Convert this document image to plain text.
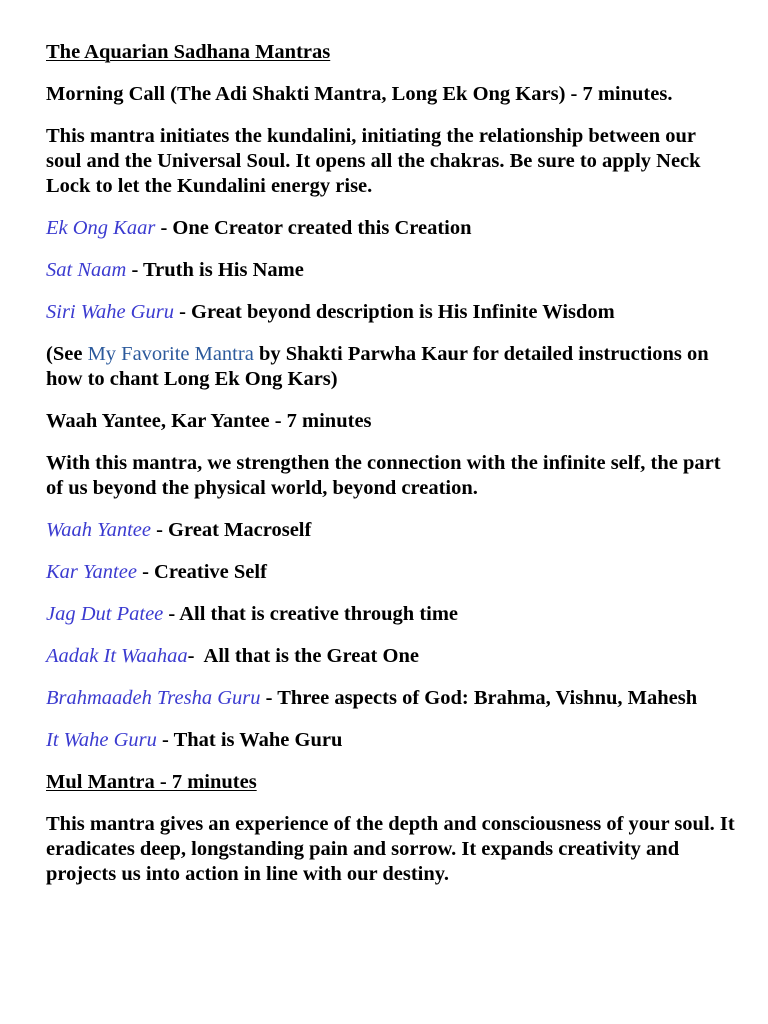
The Aquarian Sadhana Mantras

Morning Call (The Adi Shakti Mantra, Long Ek Ong Kars) - 7 minutes.

This mantra initiates the kundalini, initiating the relationship between our soul and the Universal Soul. It opens all the chakras. Be sure to apply Neck Lock to let the Kundalini energy rise.

Ek Ong Kaar - One Creator created this Creation

Sat Naam - Truth is His Name

Siri Wahe Guru - Great beyond description is His Infinite Wisdom

(See My Favorite Mantra by Shakti Parwha Kaur for detailed instructions on how to chant Long Ek Ong Kars)

Waah Yantee, Kar Yantee - 7 minutes

With this mantra, we strengthen the connection with the infinite self, the part of us beyond the physical world, beyond creation.

Waah Yantee - Great Macroself

Kar Yantee - Creative Self

Jag Dut Patee - All that is creative through time

Aadak It Waahaa-  All that is the Great One

Brahmaadeh Tresha Guru - Three aspects of God: Brahma, Vishnu, Mahesh

It Wahe Guru - That is Wahe Guru

Mul Mantra - 7 minutes

This mantra gives an experience of the depth and consciousness of your soul. It eradicates deep, longstanding pain and sorrow. It expands creativity and projects us into action in line with our destiny.
